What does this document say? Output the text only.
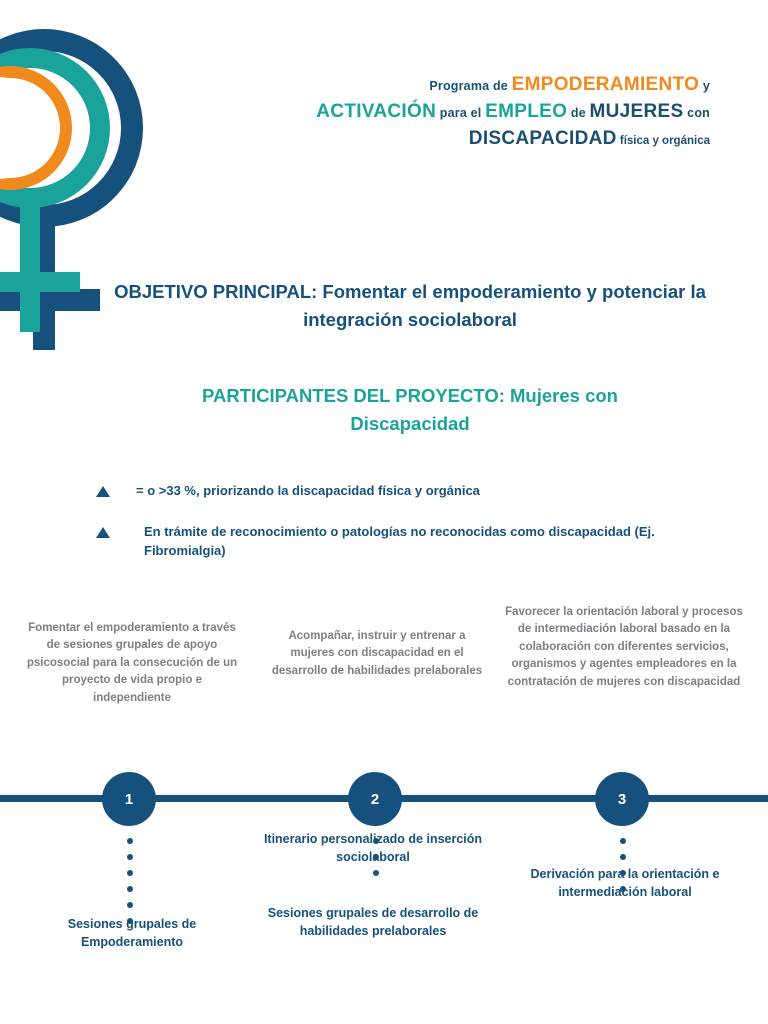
Programa de EMPODERAMIENTO y
ACTIVACIÓN para el EMPLEO de MUJERES con
DISCAPACIDAD física y orgánica
OBJETIVO PRINCIPAL: Fomentar el empoderamiento y potenciar la integración sociolaboral
PARTICIPANTES DEL PROYECTO: Mujeres con Discapacidad
= o >33 %, priorizando la discapacidad física y orgánica
En trámite de reconocimiento o patologías no reconocidas como discapacidad (Ej. Fibromialgia)
Fomentar el empoderamiento a través de sesiones grupales de apoyo psicosocial para la consecución de un proyecto de vida propio e independiente
Acompañar, instruir y entrenar a mujeres con discapacidad en el desarrollo de habilidades prelaborales
Favorecer la orientación laboral y procesos de intermediación laboral basado en la colaboración con diferentes servicios, organismos y agentes empleadores en la contratación de mujeres con discapacidad
1	2	3
Sesiones grupales de Empoderamiento
Itinerario personalizado de inserción sociolaboral
Sesiones grupales de desarrollo de habilidades prelaborales
Derivación para la orientación e intermediación laboral
